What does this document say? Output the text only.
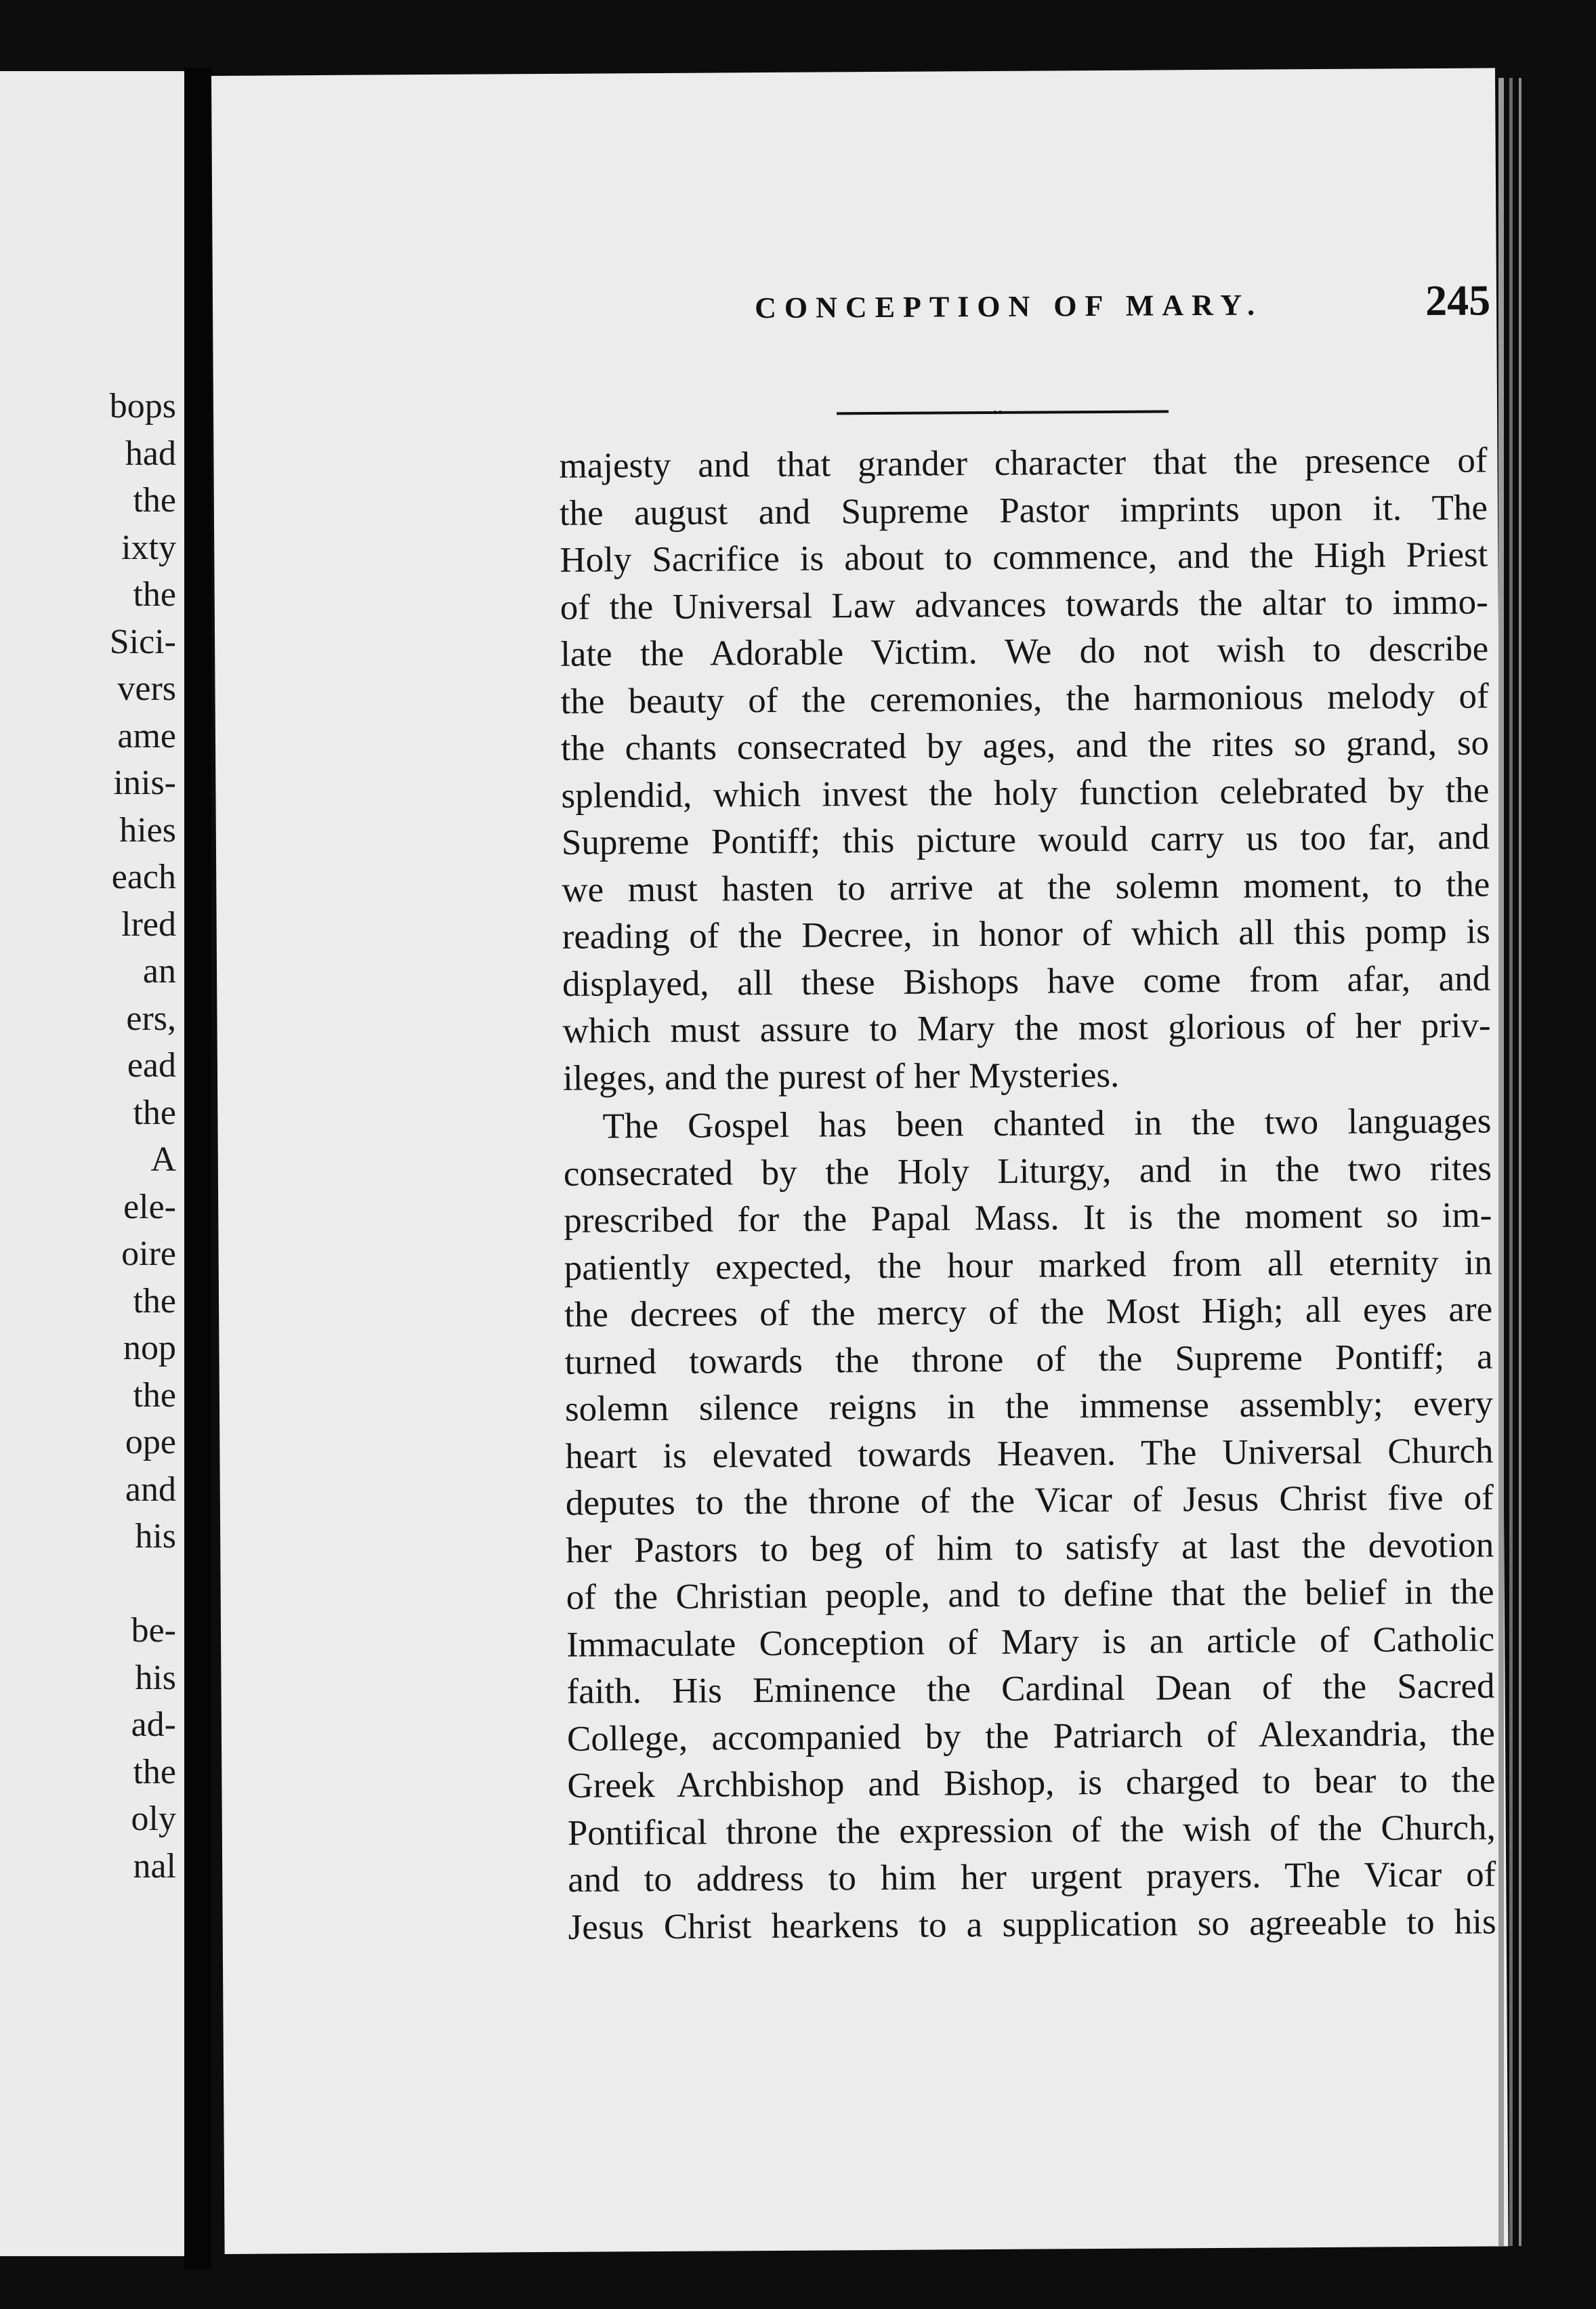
bops
had
the
ixty
the
Sici-
vers
ame
inis-
hies
each
lred
an
ers,
ead
the
A
ele-
oire
the
nop
the
ope
and
his
be-
his
ad-
the
oly
nal
CONCEPTION OF MARY.	245
••
majesty and that grander character that the presence of
the august and Supreme Pastor imprints upon it. The
Holy Sacrifice is about to commence, and the High Priest
of the Universal Law advances towards the altar to immo-
late the Adorable Victim. We do not wish to describe
the beauty of the ceremonies, the harmonious melody of
the chants consecrated by ages, and the rites so grand, so
splendid, which invest the holy function celebrated by the
Supreme Pontiff; this picture would carry us too far, and
we must hasten to arrive at the solemn moment, to the
reading of the Decree, in honor of which all this pomp is
displayed, all these Bishops have come from afar, and
which must assure to Mary the most glorious of her priv-
ileges, and the purest of her Mysteries.
The Gospel has been chanted in the two languages
consecrated by the Holy Liturgy, and in the two rites
prescribed for the Papal Mass. It is the moment so im-
patiently expected, the hour marked from all eternity in
the decrees of the mercy of the Most High; all eyes are
turned towards the throne of the Supreme Pontiff; a
solemn silence reigns in the immense assembly; every
heart is elevated towards Heaven. The Universal Church
deputes to the throne of the Vicar of Jesus Christ five of
her Pastors to beg of him to satisfy at last the devotion
of the Christian people, and to define that the belief in the
Immaculate Conception of Mary is an article of Catholic
faith. His Eminence the Cardinal Dean of the Sacred
College, accompanied by the Patriarch of Alexandria, the
Greek Archbishop and Bishop, is charged to bear to the
Pontifical throne the expression of the wish of the Church,
and to address to him her urgent prayers. The Vicar of
Jesus Christ hearkens to a supplication so agreeable to his
